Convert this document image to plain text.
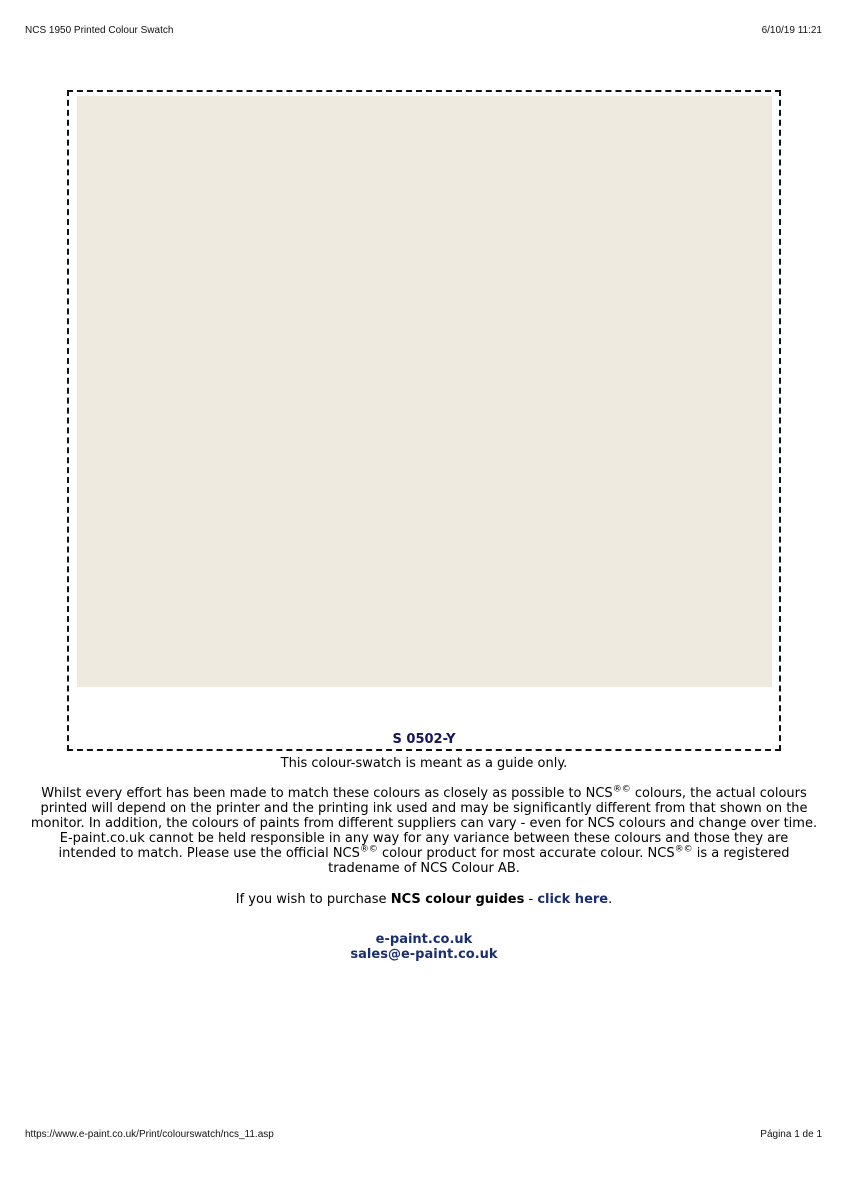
NCS 1950 Printed Colour Swatch	6/10/19 11:21
S 0502-Y
This colour-swatch is meant as a guide only.
Whilst every effort has been made to match these colours as closely as possible to NCS®© colours, the actual colours printed will depend on the printer and the printing ink used and may be significantly different from that shown on the monitor. In addition, the colours of paints from different suppliers can vary - even for NCS colours and change over time. E-paint.co.uk cannot be held responsible in any way for any variance between these colours and those they are intended to match. Please use the official NCS®© colour product for most accurate colour. NCS®© is a registered tradename of NCS Colour AB.
If you wish to purchase NCS colour guides - click here.
e-paint.co.uk
sales@e-paint.co.uk
https://www.e-paint.co.uk/Print/colourswatch/ncs_11.asp	Página 1 de 1
